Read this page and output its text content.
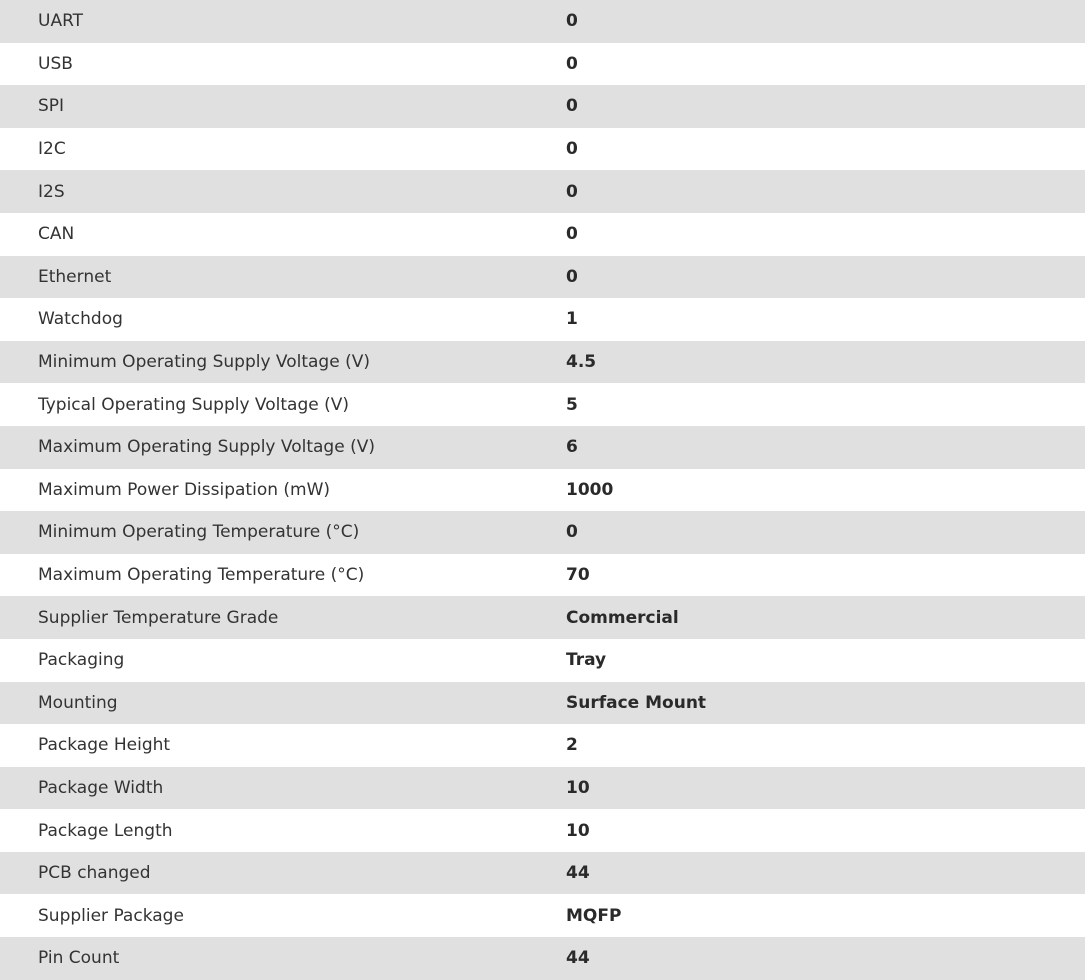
UART	0
USB	0
SPI	0
I2C	0
I2S	0
CAN	0
Ethernet	0
Watchdog	1
Minimum Operating Supply Voltage (V)	4.5
Typical Operating Supply Voltage (V)	5
Maximum Operating Supply Voltage (V)	6
Maximum Power Dissipation (mW)	1000
Minimum Operating Temperature (°C)	0
Maximum Operating Temperature (°C)	70
Supplier Temperature Grade	Commercial
Packaging	Tray
Mounting	Surface Mount
Package Height	2
Package Width	10
Package Length	10
PCB changed	44
Supplier Package	MQFP
Pin Count	44
